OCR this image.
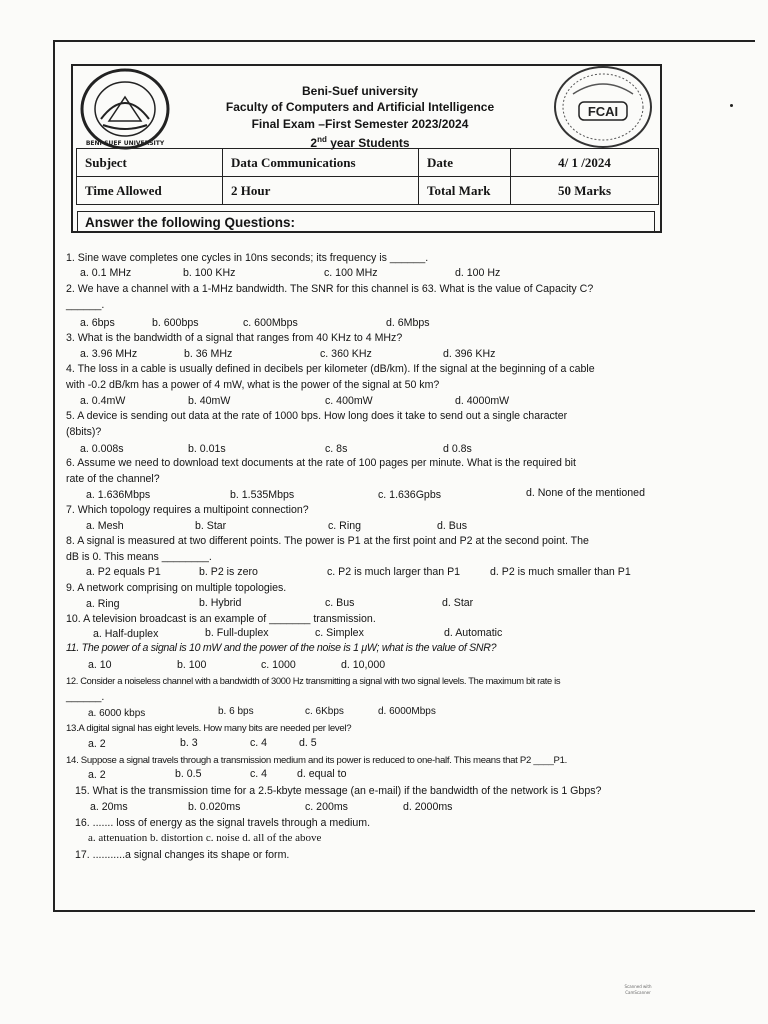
BENI-SUEF UNIVERSITY
FCAI
Beni-Suef university
Faculty of Computers and Artificial Intelligence
Final Exam –First Semester 2023/2024
2nd year Students
Subject	Data Communications	Date	4/ 1 /2024
Time Allowed	2 Hour	Total Mark	50 Marks
Answer the following Questions:
1. Sine wave completes one cycles in 10ns seconds; its frequency is ______.
a. 0.1 MHz	b. 100 KHz	c. 100 MHz	d. 100 Hz
2. We have a channel with a 1-MHz bandwidth. The SNR for this channel is 63. What is the value of Capacity C?
______.
a. 6bps	b. 600bps	c. 600Mbps	d. 6Mbps
3. What is the bandwidth of a signal that ranges from 40 KHz to 4 MHz?
a. 3.96 MHz	b. 36 MHz	c. 360 KHz	d. 396 KHz
4. The loss in a cable is usually defined in decibels per kilometer (dB/km). If the signal at the beginning of a cable
with -0.2 dB/km has a power of 4 mW, what is the power of the signal at 50 km?
a. 0.4mW	b. 40mW	c. 400mW	d. 4000mW
5. A device is sending out data at the rate of 1000 bps. How long does it take to send out a single character
(8bits)?
a. 0.008s	b. 0.01s	c. 8s	d 0.8s
6. Assume we need to download text documents at the rate of 100 pages per minute. What is the required bit
rate of the channel?
a. 1.636Mbps	b. 1.535Mbps	c. 1.636Gpbs	d. None of the mentioned
7. Which topology requires a multipoint connection?
a. Mesh	b. Star	c. Ring	d. Bus
8. A signal is measured at two different points. The power is P1 at the first point and P2 at the second point. The
dB is 0. This means ________.
a. P2 equals P1	b. P2 is zero	c. P2 is much larger than P1	d. P2 is much smaller than P1
9. A network comprising on multiple topologies.
a. Ring	b. Hybrid	c. Bus	d. Star
10. A television broadcast is an example of _______ transmission.
a. Half-duplex	b. Full-duplex	c. Simplex	d. Automatic
11. The power of a signal is 10 mW and the power of the noise is 1 μW; what is the value of SNR?
a. 10	b. 100	c. 1000	d. 10,000
12. Consider a noiseless channel with a bandwidth of 3000 Hz transmitting a signal with two signal levels. The maximum bit rate is
______.
a. 6000 kbps	b. 6 bps	c. 6Kbps	d. 6000Mbps
13.A digital signal has eight levels. How many bits are needed per level?
a. 2	b. 3	c. 4	d. 5
14. Suppose a signal travels through a transmission medium and its power is reduced to one-half. This means that P2 ____P1.
a. 2	b. 0.5	c. 4	d. equal to
15. What is the transmission time for a 2.5-kbyte message (an e-mail) if the bandwidth of the network is 1 Gbps?
a. 20ms	b. 0.020ms	c. 200ms	d. 2000ms
16. ....... loss of energy as the signal travels through a medium.
a. attenuation b. distortion c. noise d. all of the above
17. ...........a signal changes its shape or form.
Scanned with
CamScanner
